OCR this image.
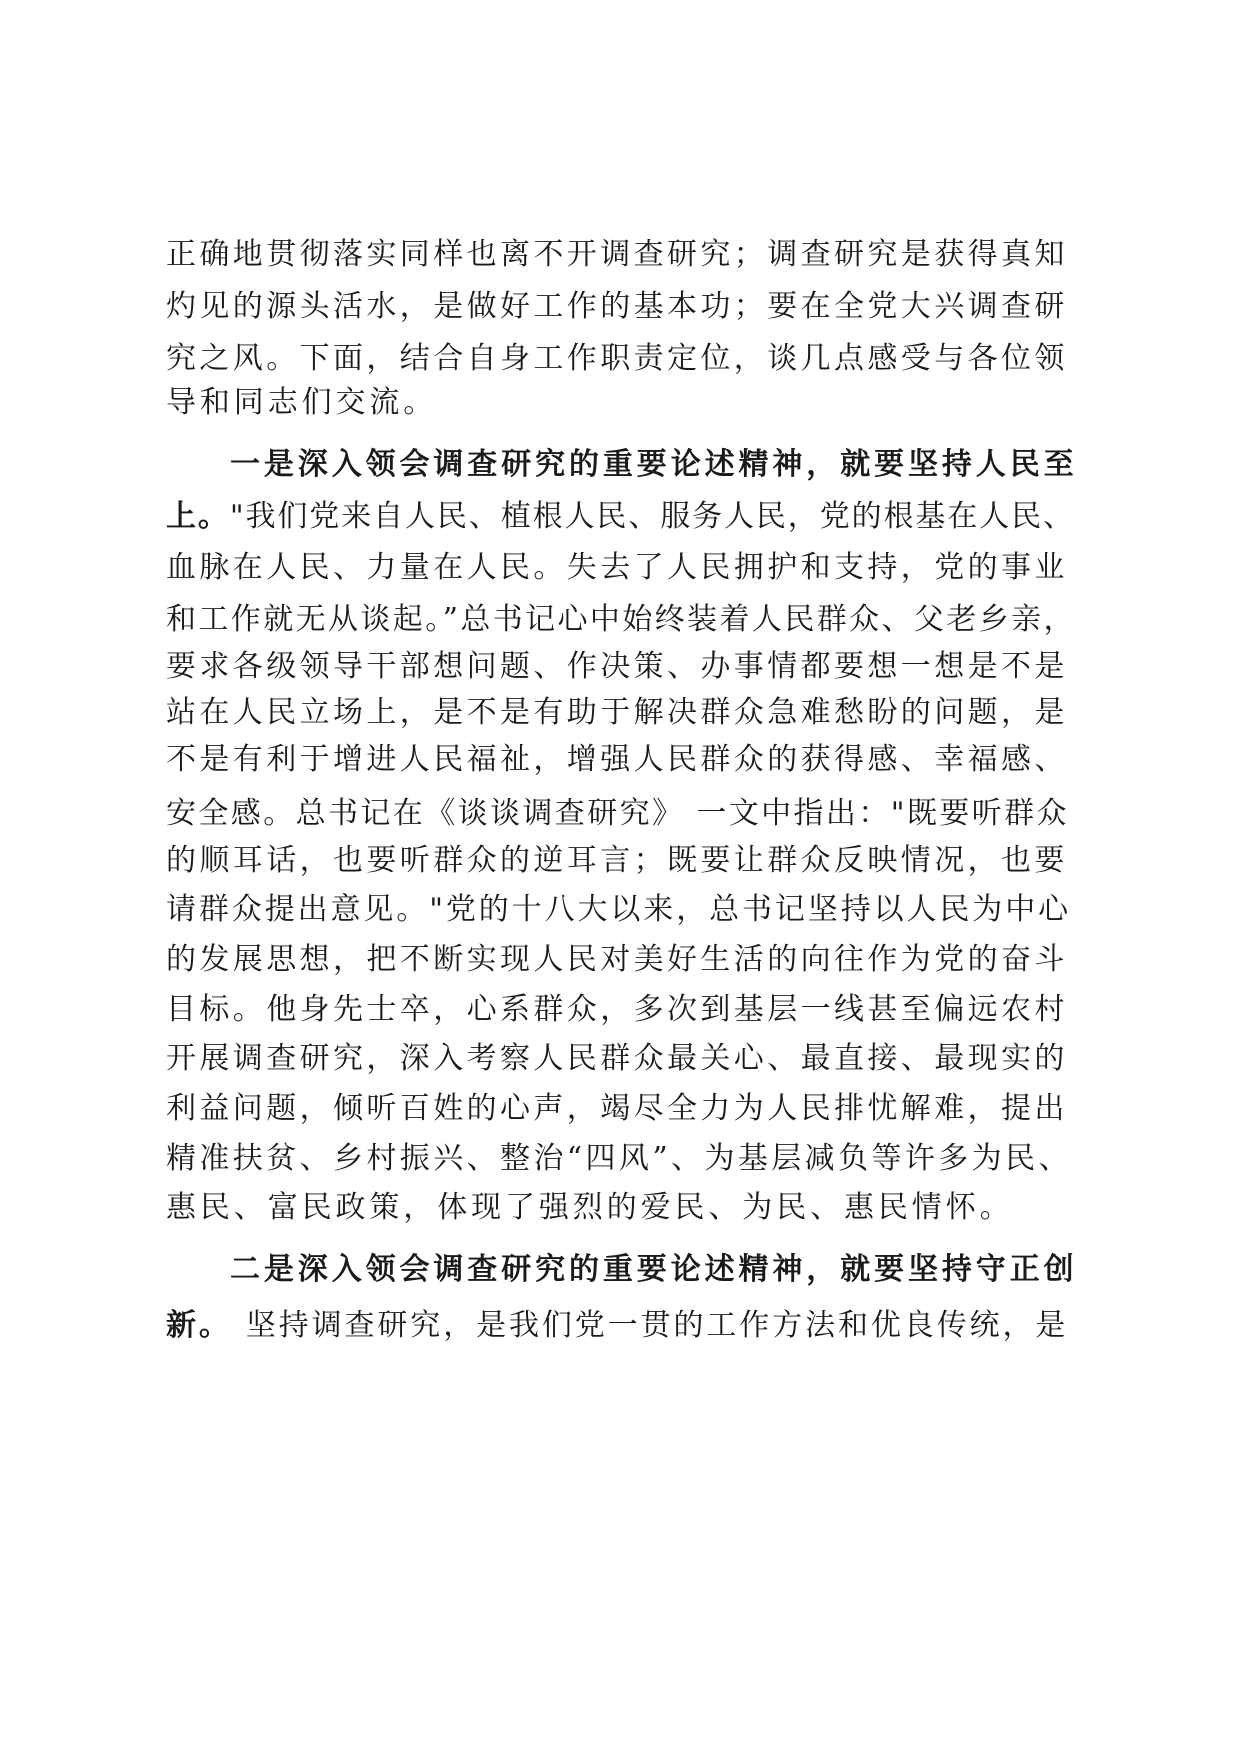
正确地贯彻落实同样也离不开调查研究；调查研究是获得真知
灼见的源头活水，是做好工作的基本功；要在全党大兴调查研
究之风。下面，结合自身工作职责定位，谈几点感受与各位领
导和同志们交流。
一是深入领会调查研究的重要论述精神，就要坚持人民至
上。"我们党来自人民、植根人民、服务人民，党的根基在人民、
血脉在人民、力量在人民。失去了人民拥护和支持，党的事业
和工作就无从谈起。”总书记心中始终装着人民群众、父老乡亲，
要求各级领导干部想问题、作决策、办事情都要想一想是不是
站在人民立场上，是不是有助于解决群众急难愁盼的问题，是
不是有利于增进人民福祉，增强人民群众的获得感、幸福感、
安全感。总书记在《谈谈调查研究》 一文中指出："既要听群众
的顺耳话，也要听群众的逆耳言；既要让群众反映情况，也要
请群众提出意见。"党的十八大以来，总书记坚持以人民为中心
的发展思想，把不断实现人民对美好生活的向往作为党的奋斗
目标。他身先士卒，心系群众，多次到基层一线甚至偏远农村
开展调查研究，深入考察人民群众最关心、最直接、最现实的
利益问题，倾听百姓的心声，竭尽全力为人民排忧解难，提出
精准扶贫、乡村振兴、整治“四风”、为基层减负等许多为民、
惠民、富民政策，体现了强烈的爱民、为民、惠民情怀。
二是深入领会调查研究的重要论述精神，就要坚持守正创
新。 坚持调查研究，是我们党一贯的工作方法和优良传统，是
